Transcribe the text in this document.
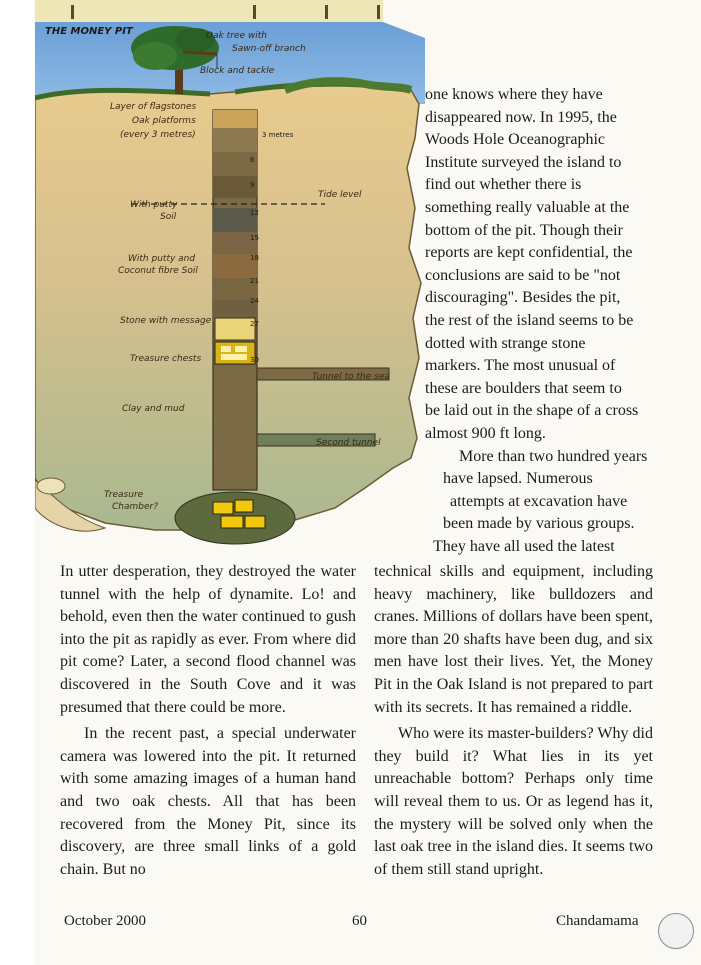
THE MONEY PIT	Oak tree with
Sawn-off branch
Block and tackle
Layer of flagstones
Oak platforms
(every 3 metres)
Tide level
With putty
Soil
With putty and
Coconut fibre Soil
Stone with message
Treasure chests
Tunnel to the sea
Clay and mud
Second tunnel
Treasure
Chamber?
3 metres
6
9
12
15
18
21
24
27
30

one knows where they have

disappeared now. In 1995, the

Woods Hole Oceanographic

Institute surveyed the island to

find out whether there is

something really valuable at the

bottom of the pit. Though their

reports are kept confidential, the

conclusions are said to be "not

discouraging". Besides the pit,

the rest of the island seems to be

dotted with strange stone

markers. The most unusual of

these are boulders that seem to

be laid out in the shape of a cross

almost 900 ft long.

More than two hundred years

have lapsed. Numerous

attempts at excavation have

been made by various groups.

They have all used the latest

In utter desperation, they destroyed the water tunnel with the help of dynamite. Lo! and behold, even then the water continued to gush into the pit as rapidly as ever. From where did pit come? Later, a second flood channel was discovered in the South Cove and it was presumed that there could be more.

In the recent past, a special underwater camera was lowered into the pit. It returned with some amazing images of a human hand and two oak chests. All that has been recovered from the Money Pit, since its discovery, are three small links of a gold chain. But no

technical skills and equipment, including heavy machinery, like bulldozers and cranes. Millions of dollars have been spent, more than 20 shafts have been dug, and six men have lost their lives. Yet, the Money Pit in the Oak Island is not prepared to part with its secrets. It has remained a riddle.

Who were its master-builders? Why did they build it? What lies in its yet unreachable bottom? Perhaps only time will reveal them to us. Or as legend has it, the mystery will be solved only when the last oak tree in the island dies. It seems two of them still stand upright.

October 2000	60	Chandamama
